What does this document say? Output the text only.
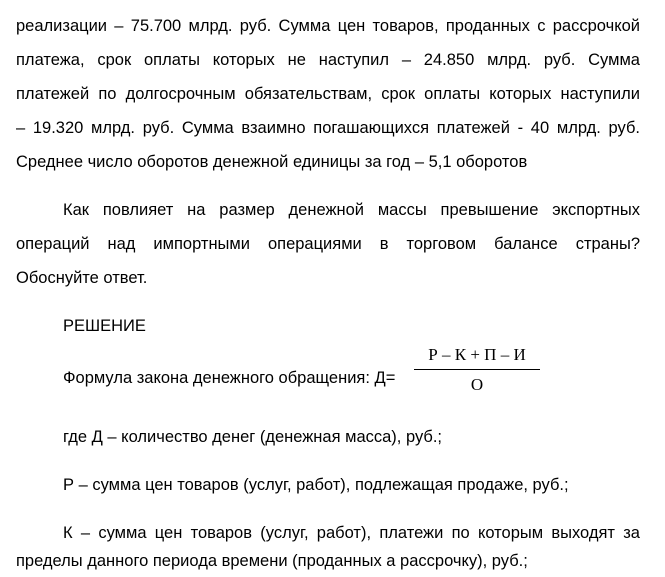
реализации – 75.700 млрд. руб. Сумма цен товаров, проданных с рассрочкой
платежа, срок оплаты которых не наступил – 24.850 млрд. руб. Сумма
платежей по долгосрочным обязательствам, срок оплаты которых наступили
– 19.320 млрд. руб. Сумма взаимно погашающихся платежей - 40 млрд. руб.
Среднее число оборотов денежной единицы за год – 5,1 оборотов
Как повлияет на размер денежной массы превышение экспортных
операций над импортными операциями в торговом балансе страны?
Обоснуйте ответ.
РЕШЕНИЕ
Формула закона денежного обращения: Д=
Р – К + П – И
О
где Д – количество денег (денежная масса), руб.;
Р – сумма цен товаров (услуг, работ), подлежащая продаже, руб.;
К – сумма цен товаров (услуг, работ), платежи по которым выходят за
пределы данного периода времени (проданных а рассрочку), руб.;
